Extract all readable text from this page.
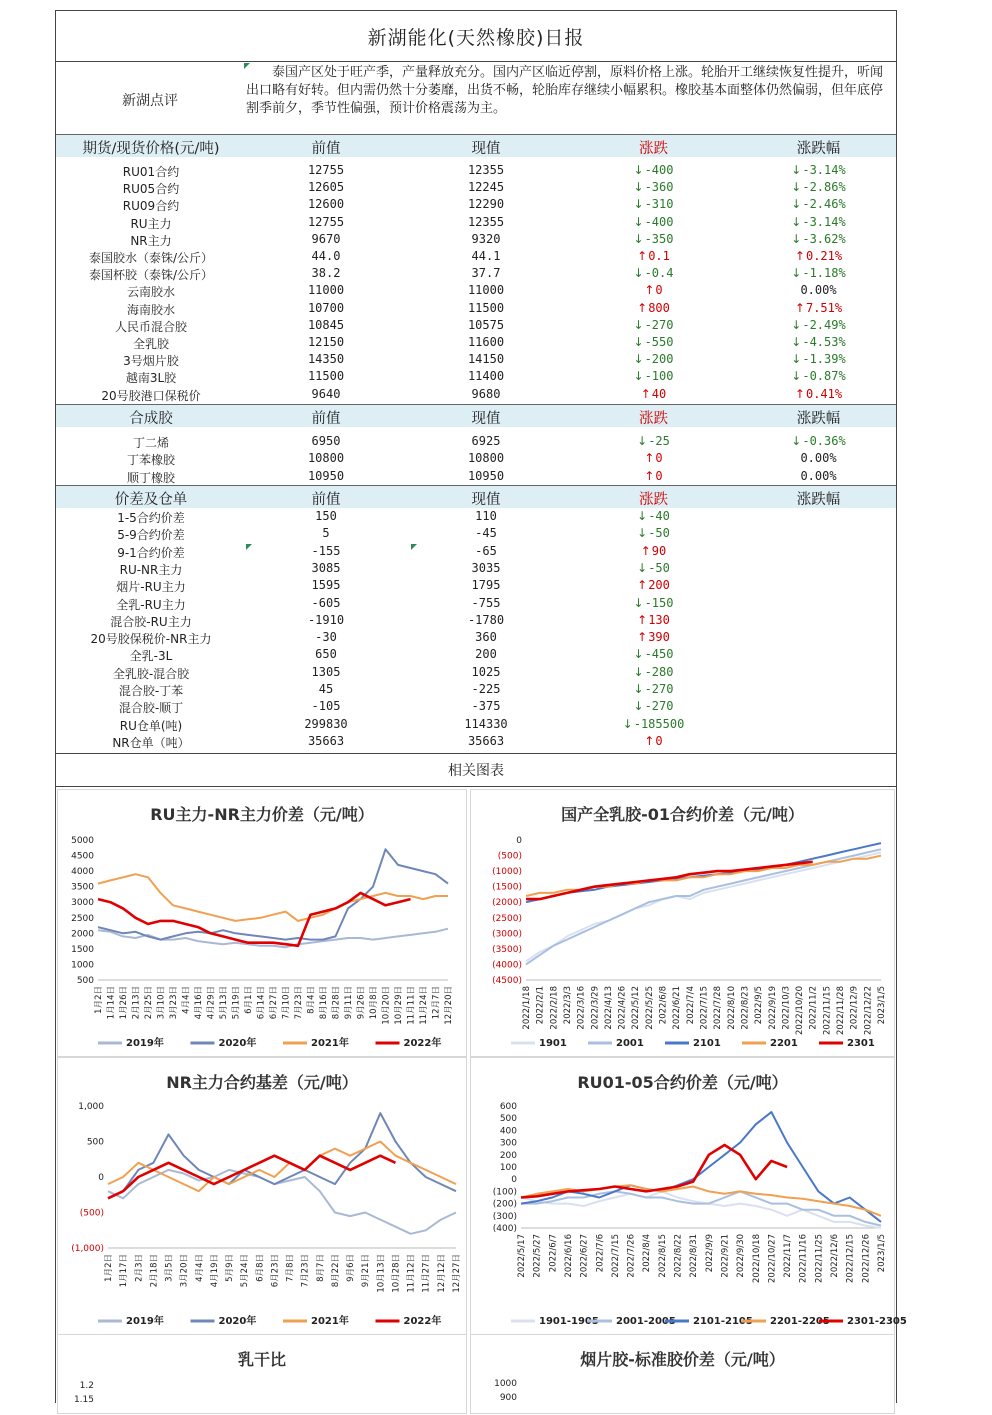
新湖能化(天然橡胶)日报
新湖点评
泰国产区处于旺产季，产量释放充分。国内产区临近停割，原料价格上涨。轮胎开工继续恢复性提升，听闻出口略有好转。但内需仍然十分萎靡，出货不畅，轮胎库存继续小幅累积。橡胶基本面整体仍然偏弱，但年底停割季前夕，季节性偏强，预计价格震荡为主。
期货/现货价格(元/吨)	前值	现值	涨跌	涨跌幅
RU01合约	12755	12355	↓-400	↓-3.14%
RU05合约	12605	12245	↓-360	↓-2.86%
RU09合约	12600	12290	↓-310	↓-2.46%
RU主力	12755	12355	↓-400	↓-3.14%
NR主力	9670	9320	↓-350	↓-3.62%
泰国胶水（泰铢/公斤）	44.0	44.1	↑0.1	↑0.21%
泰国杯胶（泰铢/公斤）	38.2	37.7	↓-0.4	↓-1.18%
云南胶水	11000	11000	↑0	0.00%
海南胶水	10700	11500	↑800	↑7.51%
人民币混合胶	10845	10575	↓-270	↓-2.49%
全乳胶	12150	11600	↓-550	↓-4.53%
3号烟片胶	14350	14150	↓-200	↓-1.39%
越南3L胶	11500	11400	↓-100	↓-0.87%
20号胶港口保税价	9640	9680	↑40	↑0.41%
合成胶	前值	现值	涨跌	涨跌幅
丁二烯	6950	6925	↓-25	↓-0.36%
丁苯橡胶	10800	10800	↑0	0.00%
顺丁橡胶	10950	10950	↑0	0.00%
价差及仓单	前值	现值	涨跌	涨跌幅
1-5合约价差	150	110	↓-40
5-9合约价差	5	-45	↓-50
9-1合约价差	-155	-65	↑90
RU-NR主力	3085	3035	↓-50
烟片-RU主力	1595	1795	↑200
全乳-RU主力	-605	-755	↓-150
混合胶-RU主力	-1910	-1780	↑130
20号胶保税价-NR主力	-30	360	↑390
全乳-3L	650	200	↓-450
全乳胶-混合胶	1305	1025	↓-280
混合胶-丁苯	45	-225	↓-270
混合胶-顺丁	-105	-375	↓-270
RU仓单(吨)	299830	114330	↓-185500
NR仓单（吨）	35663	35663	↑0
相关图表
RU主力-NR主力价差（元/吨）
5000
4500
4000
3500
3000
2500
2000
1500
1000
500
1月2日 1月14日 1月26日 2月13日 2月25日 3月10日 3月23日 4月4日 4月16日 4月29日 5月13日 5月19日 6月1日 6月14日 6月27日 7月10日 7月23日 8月4日 8月16日 8月28日 9月11日 9月26日 10月8日 10月20日 10月29日 11月11日 11月24日 12月7日 12月20日
2019年	2020年	2021年	2022年
国产全乳胶-01合约价差（元/吨）
0
(500)
(1000)
(1500)
(2000)
(2500)
(3000)
(3500)
(4000)
(4500)
2022/1/18 2022/2/1 2022/2/18 2022/3/3 2022/3/16 2022/3/29 2022/4/13 2022/4/26 2022/5/12 2022/5/25 2022/6/8 2022/6/21 2022/7/4 2022/7/15 2022/7/28 2022/8/10 2022/8/23 2022/9/5 2022/9/19 2022/10/3 2022/10/20 2022/11/2 2022/11/15 2022/11/28 2022/12/9 2022/12/22 2023/1/5
1901	2001	2101	2201	2301
NR主力合约基差（元/吨）
1,000
500
0
(500)
(1,000)
1月2日 1月17日 2月3日 2月18日 3月5日 3月20日 4月4日 4月19日 5月9日 5月24日 6月8日 6月23日 7月8日 7月23日 8月7日 8月22日 9月6日 9月21日 10月13日 10月28日 11月12日 11月27日 12月12日 12月27日
2019年	2020年	2021年	2022年
RU01-05合约价差（元/吨）
600
500
400
300
200
100
0
(100)
(200)
(300)
(400)
2022/5/17 2022/5/27 2022/6/7 2022/6/16 2022/6/27 2022/7/6 2022/7/15 2022/7/26 2022/8/4 2022/8/15 2022/8/22 2022/8/31 2022/9/9 2022/9/21 2022/9/30 2022/10/18 2022/10/27 2022/11/7 2022/11/16 2022/11/25 2022/12/6 2022/12/15 2022/12/26 2023/1/5
1901-1905 2001-2005 2101-2105 2201-2205 2301-2305
乳干比
1.2
1.15
烟片胶-标准胶价差（元/吨）
1000
900
